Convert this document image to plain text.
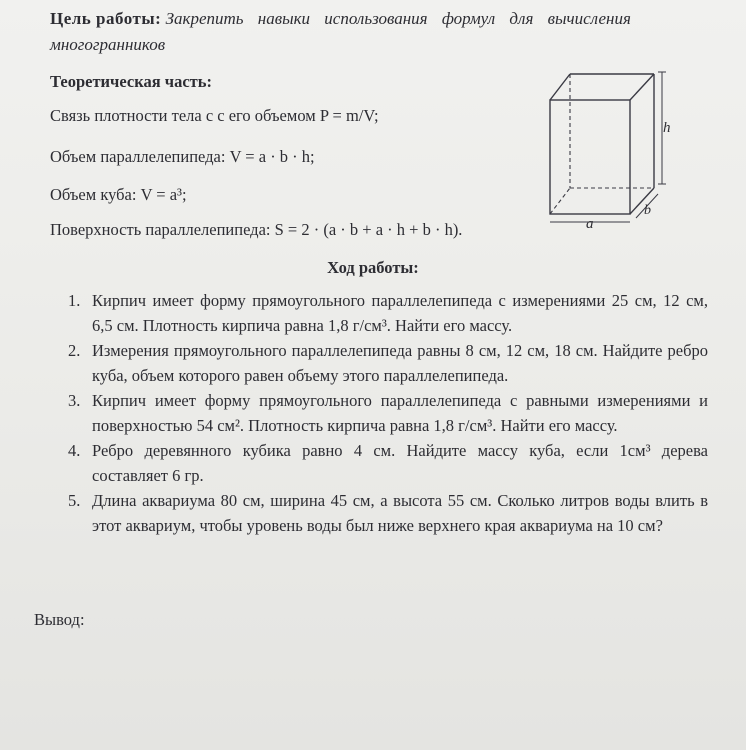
Цель работы: Закрепить навыки использования формул для вычисления многогранников
Теоретическая часть:
Связь плотности тела с с его объемом P = m/V;
Объем параллелепипеда: V = a · b · h;
Объем куба: V = a³;
Поверхность параллелепипеда: S = 2 · (a · b + a · h + b · h).
h
b
a
Ход работы:
1. Кирпич имеет форму прямоугольного параллелепипеда с измерениями 25 см, 12 см, 6,5 см. Плотность кирпича равна 1,8 г/см³. Найти его массу.
2. Измерения прямоугольного параллелепипеда равны 8 см, 12 см, 18 см. Найдите ребро куба, объем которого равен объему этого параллелепипеда.
3. Кирпич имеет форму прямоугольного параллелепипеда с равными измерениями и поверхностью 54 см². Плотность кирпича равна 1,8 г/см³. Найти его массу.
4. Ребро деревянного кубика равно 4 см. Найдите массу куба, если 1см³ дерева составляет 6 гр.
5. Длина аквариума 80 см, ширина 45 см, а высота 55 см. Сколько литров воды влить в этот аквариум, чтобы уровень воды был ниже верхнего края аквариума на 10 см?
Вывод:
